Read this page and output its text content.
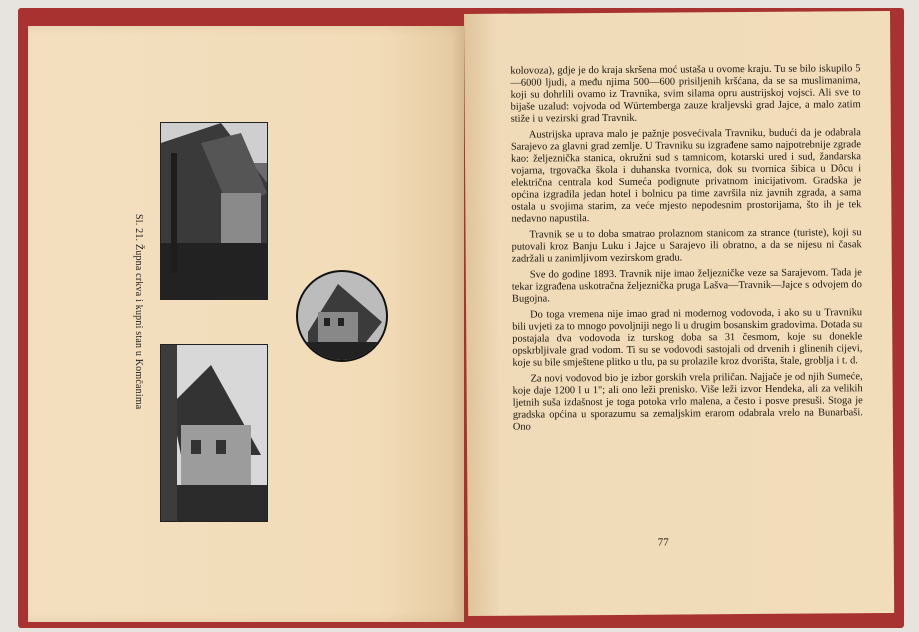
Sl. 21. Župna crkva i kupni stan u Komčanima

kolovoza), gdje je do kraja skršena moć ustaša u ovome kraju. Tu se bilo iskupilo 5—6000 ljudi, a među njima 500—600 prisiljenih kršćana, da se sa muslimanima, koji su dohrlili ovamo iz Travnika, svim silama opru austrijskoj vojsci. Ali sve to bijaše uzalud: vojvoda od Würtemberga zauze kraljevski grad Jajce, a malo zatim stiže i u vezirski grad Travnik.

Austrijska uprava malo je pažnje posvećivala Travniku, budući da je odabrala Sarajevo za glavni grad zemlje. U Travniku su izgrađene samo najpotrebnije zgrade kao: željeznička stanica, okružni sud s tamnicom, kotarski ured i sud, žandarska vojarna, trgovačka škola i duhanska tvornica, dok su tvornica šibica u Dôcu i električna centrala kod Sumeća podignute privatnom inicijativom. Gradska je općina izgradila jedan hotel i bolnicu pa time završila niz javnih zgrada, a sama ostala u svojima starim, za veće mjesto nepodesnim prostorijama, što ih je tek nedavno napustila.

Travnik se u to doba smatrao prolaznom stanicom za strance (turiste), koji su putovali kroz Banju Luku i Jajce u Sarajevo ili obratno, a da se nijesu ni časak zadržali u zanimljivom vezirskom gradu.

Sve do godine 1893. Travnik nije imao željezničke veze sa Sarajevom. Tada je tekar izgrađena uskotračna željeznička pruga Lašva—Travnik—Jajce s odvojem do Bugojna.

Do toga vremena nije imao grad ni modernog vodovoda, i ako su u Travniku bili uvjeti za to mnogo povoljniji nego li u drugim bosanskim gradovima. Dotada su postajala dva vodovoda iz turskog doba sa 31 česmom, koje su donekle opskrbljivale grad vodom. Ti su se vodovodi sastojali od drvenih i glinenih cijevi, koje su bile smještene plitko u tlu, pa su prolazile kroz dvorišta, štale, groblja i t. d.

Za novi vodovod bio je izbor gorskih vrela priličan. Najjače je od njih Sumeće, koje daje 1200 l u 1"; ali ono leži prenisko. Više leži izvor Hendeka, ali za velikih ljetnih suša izdašnost je toga potoka vrlo malena, a često i posve presuši. Stoga je gradska općina u sporazumu sa zemaljskim erarom odabrala vrelo na Bunarbaši. Ono

77
